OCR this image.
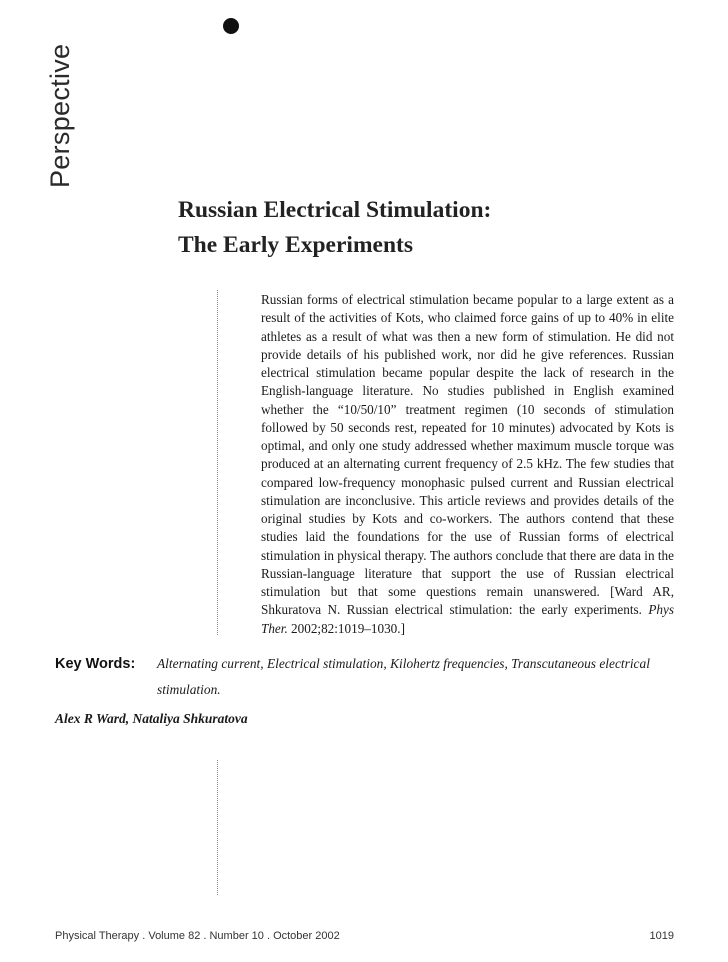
Perspective
Russian Electrical Stimulation:
The Early Experiments

Russian forms of electrical stimulation became popular to a large extent as a result of the activities of Kots, who claimed force gains of up to 40% in elite athletes as a result of what was then a new form of stimulation. He did not provide details of his published work, nor did he give references. Russian electrical stimulation became popular despite the lack of research in the English-language literature. No studies published in English examined whether the “10/50/10” treatment regimen (10 seconds of stimulation followed by 50 seconds rest, repeated for 10 minutes) advocated by Kots is optimal, and only one study addressed whether maximum muscle torque was produced at an alternating current frequency of 2.5 kHz. The few studies that compared low-frequency monophasic pulsed current and Russian electrical stimulation are inconclusive. This article reviews and provides details of the original studies by Kots and co-workers. The authors contend that these studies laid the foundations for the use of Russian forms of electrical stimulation in physical therapy. The authors conclude that there are data in the Russian-language literature that support the use of Russian electrical stimulation but that some questions remain unanswered. [Ward AR, Shkuratova N. Russian electrical stimulation: the early experiments. Phys Ther. 2002;82:1019–1030.]

Key Words: Alternating current, Electrical stimulation, Kilohertz frequencies, Transcutaneous electrical
stimulation.

Alex R Ward, Nataliya Shkuratova

Physical Therapy . Volume 82 . Number 10 . October 2002	1019
